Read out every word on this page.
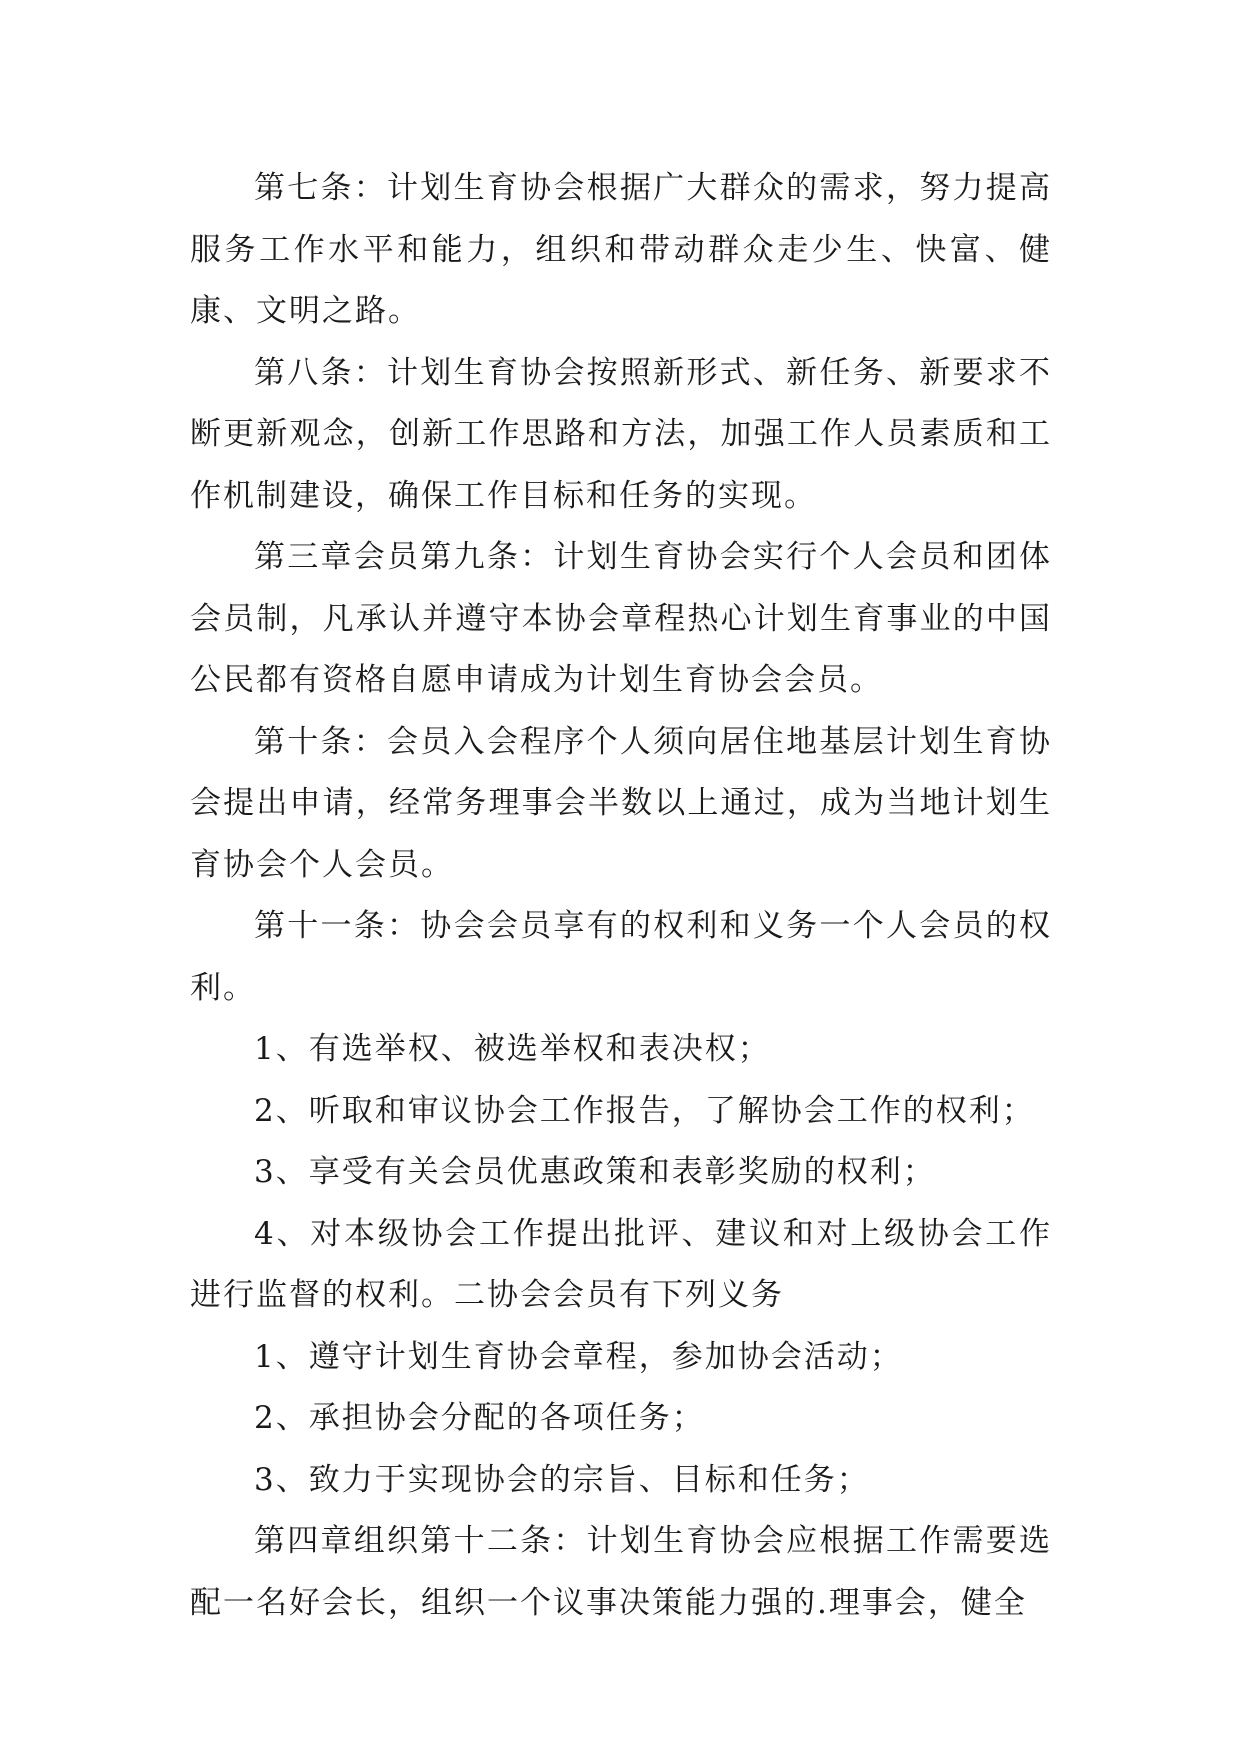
第七条：计划生育协会根据广大群众的需求，努力提高服务工作水平和能力，组织和带动群众走少生、快富、健康、文明之路。

第八条：计划生育协会按照新形式、新任务、新要求不断更新观念，创新工作思路和方法，加强工作人员素质和工作机制建设，确保工作目标和任务的实现。

第三章会员第九条：计划生育协会实行个人会员和团体会员制，凡承认并遵守本协会章程热心计划生育事业的中国公民都有资格自愿申请成为计划生育协会会员。

第十条：会员入会程序个人须向居住地基层计划生育协会提出申请，经常务理事会半数以上通过，成为当地计划生育协会个人会员。

第十一条：协会会员享有的权利和义务一个人会员的权利。

1、有选举权、被选举权和表决权；

2、听取和审议协会工作报告，了解协会工作的权利；

3、享受有关会员优惠政策和表彰奖励的权利；

4、对本级协会工作提出批评、建议和对上级协会工作进行监督的权利。二协会会员有下列义务

1、遵守计划生育协会章程，参加协会活动；

2、承担协会分配的各项任务；

3、致力于实现协会的宗旨、目标和任务；

第四章组织第十二条：计划生育协会应根据工作需要选配一名好会长，组织一个议事决策能力强的.理事会，健全
